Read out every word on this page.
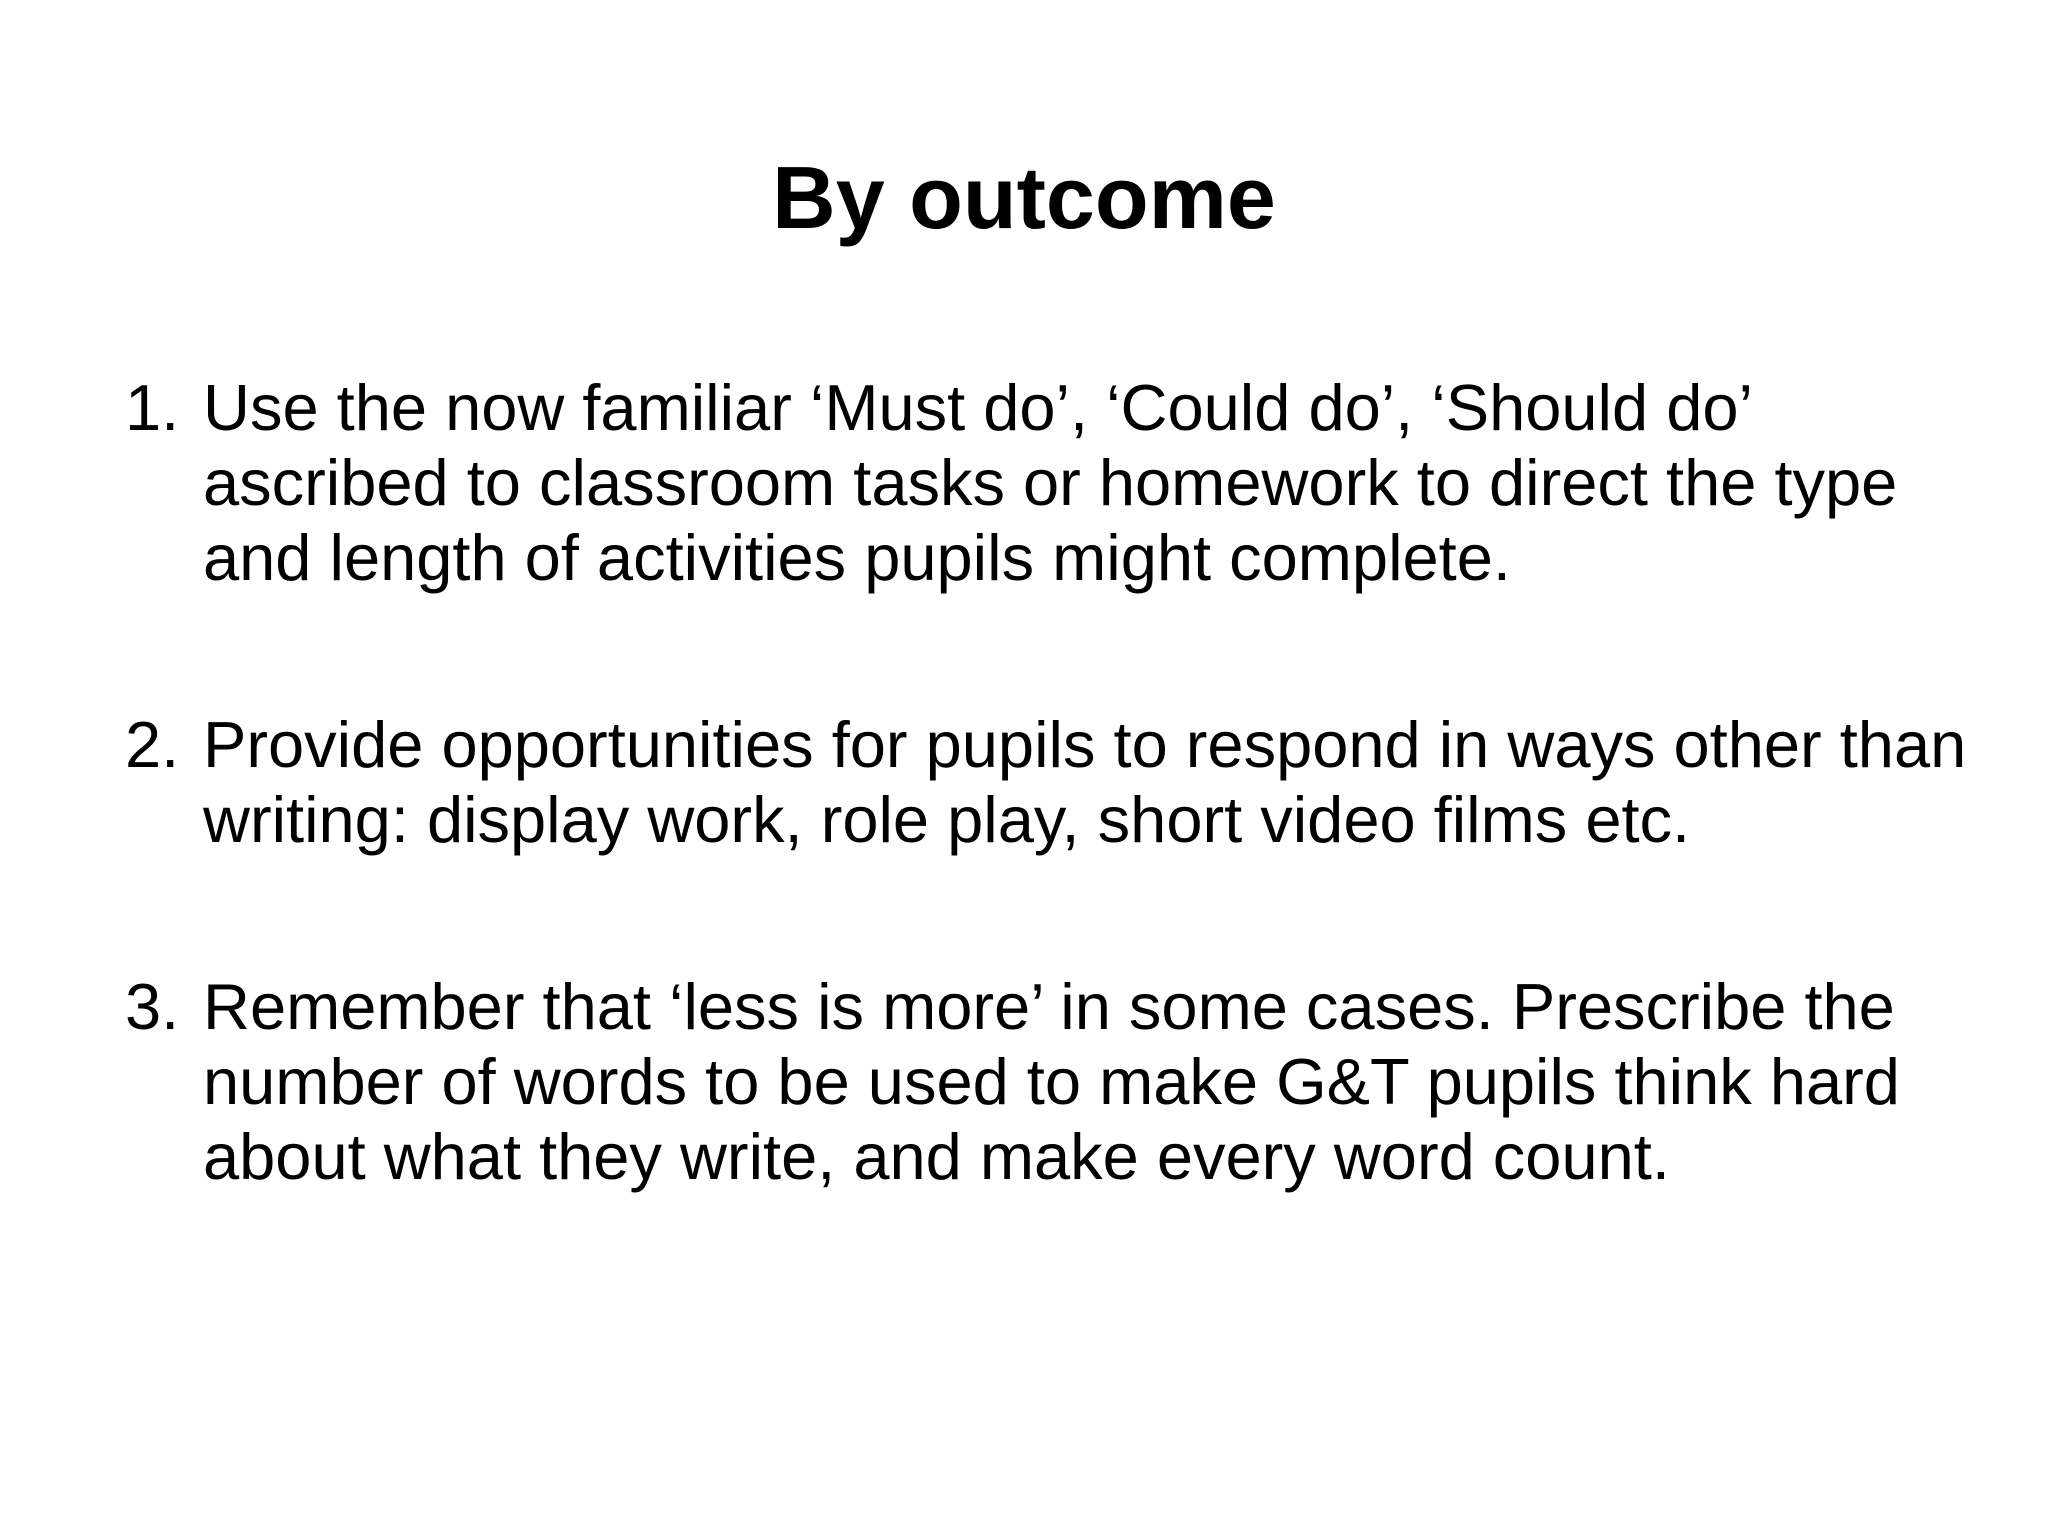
By outcome
1. Use the now familiar ‘Must do’, ‘Could do’, ‘Should do’ ascribed to classroom tasks or homework to direct the type and length of activities pupils might complete.
2. Provide opportunities for pupils to respond in ways other than writing: display work, role play, short video films etc.
3. Remember that ‘less is more’ in some cases. Prescribe the number of words to be used to make G&T pupils think hard about what they write, and make every word count.
